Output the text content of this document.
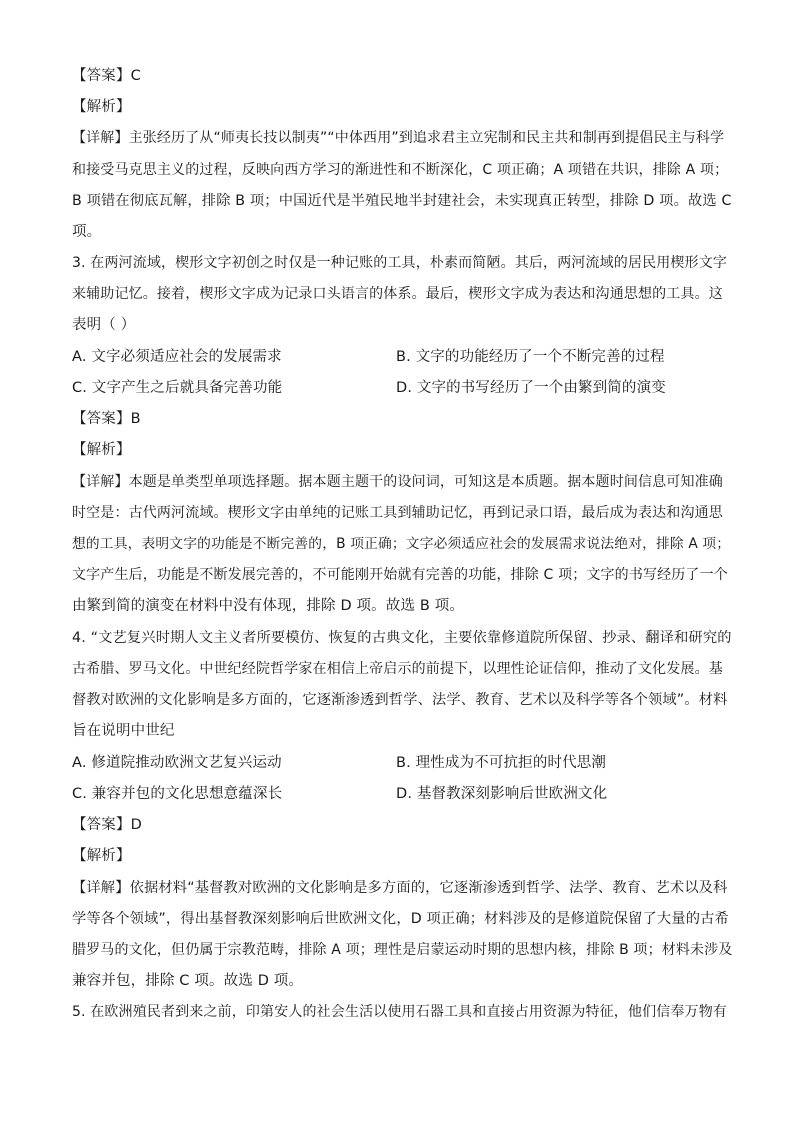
【答案】C
【解析】
【详解】主张经历了从“师夷长技以制夷”“中体西用”到追求君主立宪制和民主共和制再到提倡民主与科学
和接受马克思主义的过程，反映向西方学习的渐进性和不断深化，C 项正确；A 项错在共识，排除 A 项；
B 项错在彻底瓦解，排除 B 项；中国近代是半殖民地半封建社会，未实现真正转型，排除 D 项。故选 C
项。
3. 在两河流域，楔形文字初创之时仅是一种记账的工具，朴素而简陋。其后，两河流域的居民用楔形文字
来辅助记忆。接着，楔形文字成为记录口头语言的体系。最后，楔形文字成为表达和沟通思想的工具。这
表明（ ）
A. 文字必须适应社会的发展需求	B. 文字的功能经历了一个不断完善的过程
C. 文字产生之后就具备完善功能	D. 文字的书写经历了一个由繁到简的演变
【答案】B
【解析】
【详解】本题是单类型单项选择题。据本题主题干的设问词，可知这是本质题。据本题时间信息可知准确
时空是：古代两河流域。楔形文字由单纯的记账工具到辅助记忆，再到记录口语，最后成为表达和沟通思
想的工具，表明文字的功能是不断完善的，B 项正确；文字必须适应社会的发展需求说法绝对，排除 A 项；
文字产生后，功能是不断发展完善的，不可能刚开始就有完善的功能，排除 C 项；文字的书写经历了一个
由繁到简的演变在材料中没有体现，排除 D 项。故选 B 项。
4. “文艺复兴时期人文主义者所要模仿、恢复的古典文化，主要依靠修道院所保留、抄录、翻译和研究的
古希腊、罗马文化。中世纪经院哲学家在相信上帝启示的前提下，以理性论证信仰，推动了文化发展。基
督教对欧洲的文化影响是多方面的，它逐渐渗透到哲学、法学、教育、艺术以及科学等各个领域”。材料
旨在说明中世纪
A. 修道院推动欧洲文艺复兴运动	B. 理性成为不可抗拒的时代思潮
C. 兼容并包的文化思想意蕴深长	D. 基督教深刻影响后世欧洲文化
【答案】D
【解析】
【详解】依据材料“基督教对欧洲的文化影响是多方面的，它逐渐渗透到哲学、法学、教育、艺术以及科
学等各个领域”，得出基督教深刻影响后世欧洲文化，D 项正确；材料涉及的是修道院保留了大量的古希
腊罗马的文化，但仍属于宗教范畴，排除 A 项；理性是启蒙运动时期的思想内核，排除 B 项；材料未涉及
兼容并包，排除 C 项。故选 D 项。
5. 在欧洲殖民者到来之前，印第安人的社会生活以使用石器工具和直接占用资源为特征，他们信奉万物有
